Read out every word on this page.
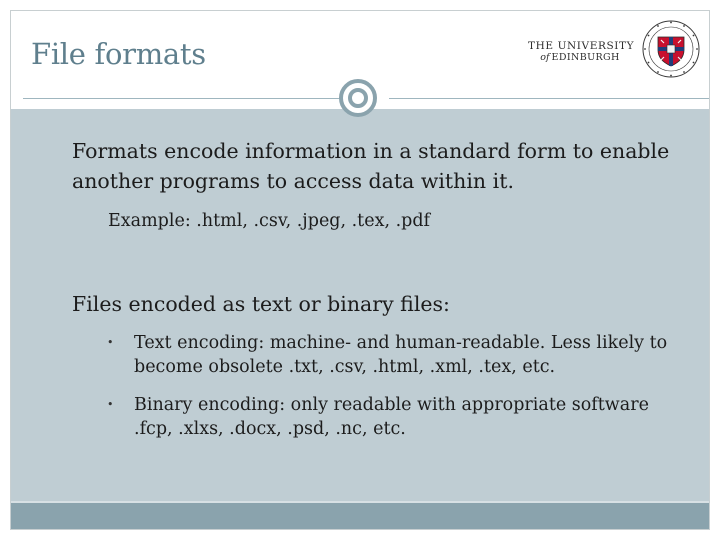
File formats	THE UNIVERSITY
of EDINBURGH

Formats encode information in a standard form to enable another programs to access data within it.

Example: .html, .csv, .jpeg, .tex, .pdf

Files encoded as text or binary files:

• Text encoding: machine- and human-readable. Less likely to become obsolete .txt, .csv, .html, .xml, .tex, etc.
• Binary encoding: only readable with appropriate software .fcp, .xlxs, .docx, .psd, .nc, etc.
